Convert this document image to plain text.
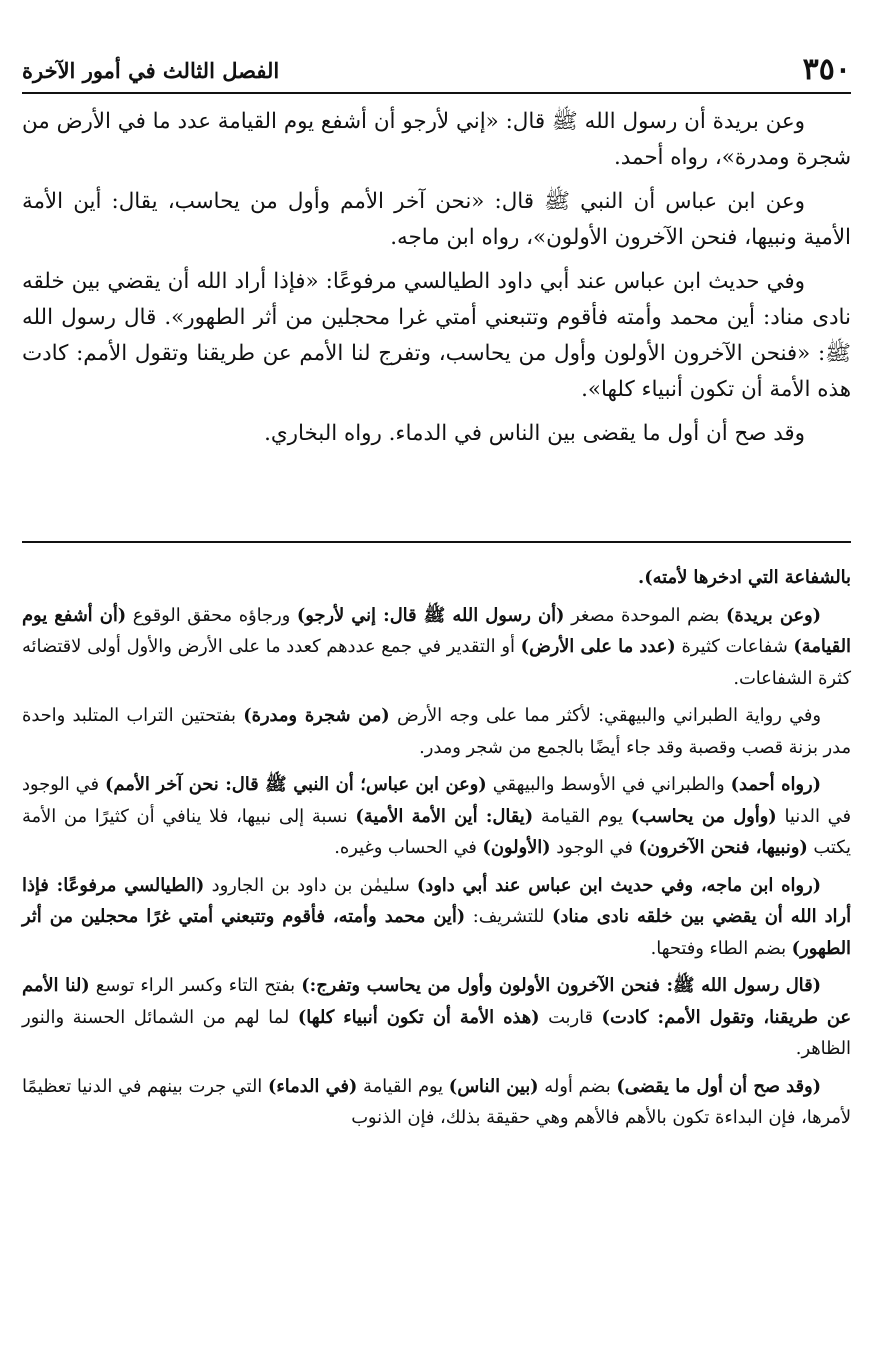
٣٥٠
الفصل الثالث في أمور الآخرة

وعن بريدة أن رسول الله ﷺ قال: «إني لأرجو أن أشفع يوم القيامة عدد ما في الأرض من شجرة ومدرة»، رواه أحمد.

وعن ابن عباس أن النبي ﷺ قال: «نحن آخر الأمم وأول من يحاسب، يقال: أين الأمة الأمية ونبيها، فنحن الآخرون الأولون»، رواه ابن ماجه.

وفي حديث ابن عباس عند أبي داود الطيالسي مرفوعًا: «فإذا أراد الله أن يقضي بين خلقه نادى مناد: أين محمد وأمته فأقوم وتتبعني أمتي غرا محجلين من أثر الطهور». قال رسول الله ﷺ: «فنحن الآخرون الأولون وأول من يحاسب، وتفرج لنا الأمم عن طريقنا وتقول الأمم: كادت هذه الأمة أن تكون أنبياء كلها».

وقد صح أن أول ما يقضى بين الناس في الدماء. رواه البخاري.

بالشفاعة التي ادخرها لأمته).

(وعن بريدة) بضم الموحدة مصغر (أن رسول الله ﷺ قال: إني لأرجو) ورجاؤه محقق الوقوع (أن أشفع يوم القيامة) شفاعات كثيرة (عدد ما على الأرض) أو التقدير في جمع عددهم كعدد ما على الأرض والأول أولى لاقتضائه كثرة الشفاعات.

وفي رواية الطبراني والبيهقي: لأكثر مما على وجه الأرض (من شجرة ومدرة) بفتحتين التراب المتلبد واحدة مدر بزنة قصب وقصبة وقد جاء أيضًا بالجمع من شجر ومدر.

(رواه أحمد) والطبراني في الأوسط والبيهقي (وعن ابن عباس؛ أن النبي ﷺ قال: نحن آخر الأمم) في الوجود في الدنيا (وأول من يحاسب) يوم القيامة (يقال: أين الأمة الأمية) نسبة إلى نبيها، فلا ينافي أن كثيرًا من الأمة يكتب (ونبيها، فنحن الآخرون) في الوجود (الأولون) في الحساب وغيره.

(رواه ابن ماجه، وفي حديث ابن عباس عند أبي داود) سليمٰن بن داود بن الجارود (الطيالسي مرفوعًا: فإذا أراد الله أن يقضي بين خلقه نادى مناد) للتشريف: (أين محمد وأمته، فأقوم وتتبعني أمتي غرًا محجلين من أثر الطهور) بضم الطاء وفتحها.

(قال رسول الله ﷺ: فنحن الآخرون الأولون وأول من يحاسب وتفرج:) بفتح التاء وكسر الراء توسع (لنا الأمم عن طريقنا، وتقول الأمم: كادت) قاربت (هذه الأمة أن تكون أنبياء كلها) لما لهم من الشمائل الحسنة والنور الظاهر.

(وقد صح أن أول ما يقضى) بضم أوله (بين الناس) يوم القيامة (في الدماء) التي جرت بينهم في الدنيا تعظيمًا لأمرها، فإن البداءة تكون بالأهم فالأهم وهي حقيقة بذلك، فإن الذنوب
